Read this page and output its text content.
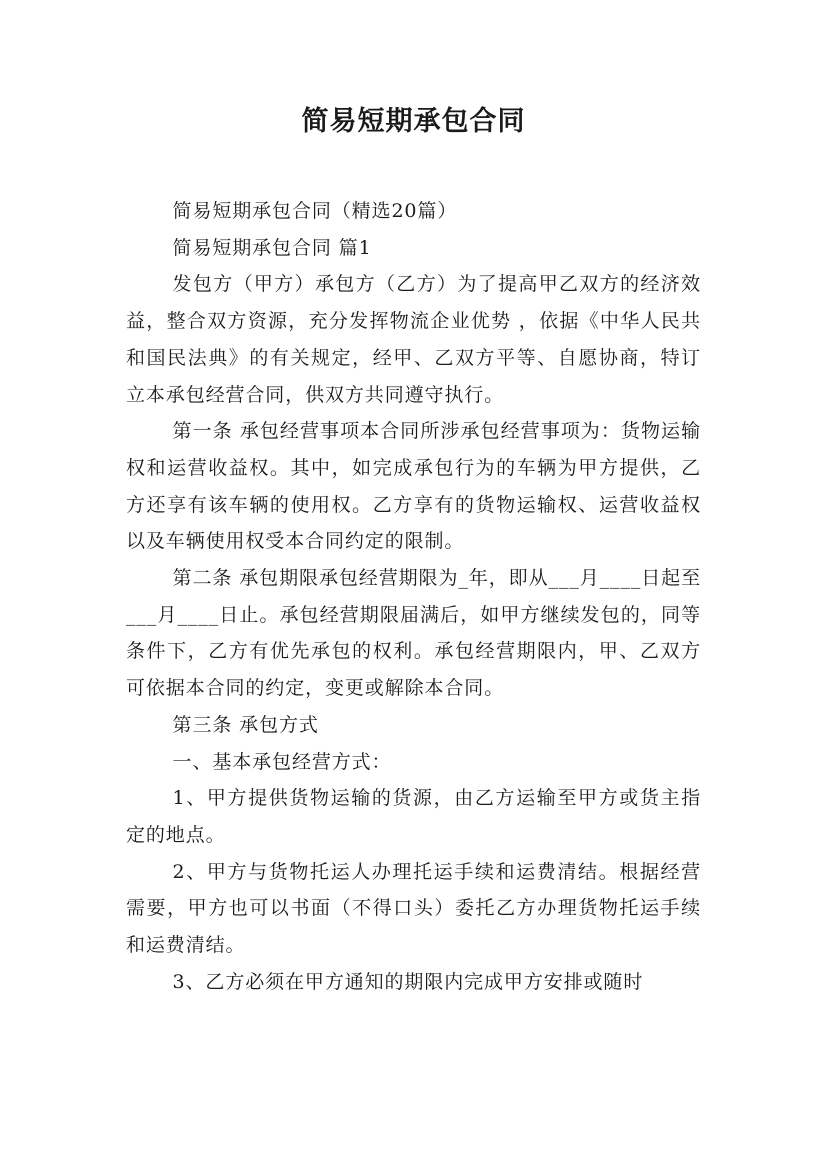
简易短期承包合同

简易短期承包合同（精选20篇）

简易短期承包合同 篇1

发包方（甲方）承包方（乙方）为了提高甲乙双方的经济效益，整合双方资源，充分发挥物流企业优势 ，依据《中华人民共和国民法典》的有关规定，经甲、乙双方平等、自愿协商，特订立本承包经营合同，供双方共同遵守执行。

第一条 承包经营事项本合同所涉承包经营事项为：货物运输权和运营收益权。其中，如完成承包行为的车辆为甲方提供，乙方还享有该车辆的使用权。乙方享有的货物运输权、运营收益权以及车辆使用权受本合同约定的限制。

第二条 承包期限承包经营期限为_年，即从___月____日起至___月____日止。承包经营期限届满后，如甲方继续发包的，同等条件下，乙方有优先承包的权利。承包经营期限内，甲、乙双方可依据本合同的约定，变更或解除本合同。

第三条 承包方式

一、基本承包经营方式：

1、甲方提供货物运输的货源，由乙方运输至甲方或货主指定的地点。

2、甲方与货物托运人办理托运手续和运费清结。根据经营需要，甲方也可以书面（不得口头）委托乙方办理货物托运手续和运费清结。

3、乙方必须在甲方通知的期限内完成甲方安排或随时
